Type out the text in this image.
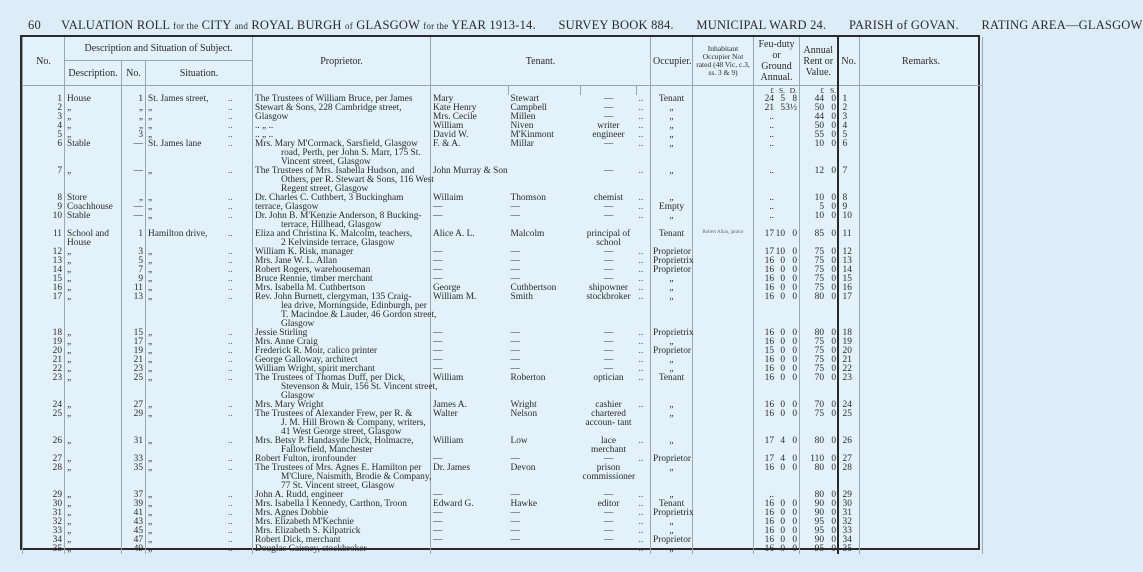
60 VALUATION ROLL for the CITY and ROYAL BURGH of GLASGOW for the YEAR 1913-14. SURVEY BOOK 884. MUNICIPAL WARD 24. PARISH of GOVAN. RATING AREA—GLASGOW
No.	Description and Situation of Subject.			Proprietor.	Tenant.				Occupier.	Inhabitant Occupier Not rated (48 Vic, c.3, ss. 3 & 9)	Feu-duty or Ground Annual.	Annual Rent or Value.	No.	Remarks.
	Description.	No.	Situation.											
											£ S. D.	£ S.		
1	House	1	St. James street, ..	The Trustees of William Bruce, per James	Mary	Stewart	—	..	Tenant		24 5 8	44 0	1	
2	„	„	„ ..	Stewart & Sons, 228 Cambridge street,	Kate Henry	Campbell	—	..	„		21 53½	50 0	2	
3	„	„	„ ..	Glasgow	Mrs. Cecile	Millen	—	..	„		..	44 0	3	
4	„	„	„ ..	.. „ ..	William	Niven	writer	..	„		..	50 0	4	
5	„	3	„ ..	.. „ ..	David W.	M'Kinmont	engineer	..	„		..	55 0	5	
6	Stable	—	St. James lane ..	Mrs. Mary M'Cormack, Sarsfield, Glasgow
road, Perth, per John S. Marr, 175 St.
Vincent street, Glasgow	F. & A.	Millar	—	..	„		..	10 0	6	
7	„	—	„ ..	The Trustees of Mrs. Isabella Hudson, and
Others, per R. Stewart & Sons, 116 West
Regent street, Glasgow	John Murray & Son		—	..	„		..	12 0	7	
8	Store	„	„ ..	Dr. Charles C. Cuthbert, 3 Buckingham	Willaim	Thomson	chemist	..	„		..	10 0	8	
9	Coachhouse	—	„ ..	terrace, Glasgow	—	—	—	..	Empty		..	5 0	9	
10	Stable	—	„ ..	Dr. John B. M'Kenzie Anderson, 8 Bucking-
terrace, Hillhead, Glasgow	—	—	—	..	„		..	10 0	10	
11	School and House	1	Hamilton drive, ..	Eliza and Christina K. Malcolm, teachers,
2 Kelvinside terrace, Glasgow	Alice A. L.	Malcolm	principal of school		Tenant	Robert Allan, janitor	17 10 0	85 0	11	
12	„	3	„ ..	William K. Risk, manager	—	—	—	..	Proprietor		17 10 0	75 0	12	
13	„	5	„ ..	Mrs. Jane W. L. Allan	—	—	—	..	Proprietrix		16 0 0	75 0	13	
14	„	7	„ ..	Robert Rogers, warehouseman	—	—	—	..	Proprietor		16 0 0	75 0	14	
15	„	9	„ ..	Bruce Rennie, timber merchant	—	—	—	..	„		16 0 0	75 0	15	
16	„	11	„ ..	Mrs. Isabella M. Cuthbertson	George	Cuthbertson	shipowner	..	„		16 0 0	75 0	16	
17	„	13	„ ..	Rev. John Burnett, clergyman, 135 Craig-
lea drive, Morningside, Edinburgh, per
T. Macindoe & Lauder, 46 Gordon street,
Glasgow	William M.	Smith	stockbroker	..	„		16 0 0	80 0	17	
18	„	15	„ ..	Jessie Stirling	—	—	—	..	Proprietrix		16 0 0	80 0	18	
19	„	17	„ ..	Mrs. Anne Craig	—	—	—	..	„		16 0 0	75 0	19	
20	„	19	„ ..	Frederick R. Moir, calico printer	—	—	—	..	Proprietor		15 0 0	75 0	20	
21	„	21	„ ..	George Galloway, architect	—	—	—	..	„		16 0 0	75 0	21	
22	„	23	„ ..	William Wright, spirit merchant	—	—	—	..	„		16 0 0	75 0	22	
23	„	25	„ ..	The Trustees of Thomas Duff, per Dick,
Stevenson & Muir, 156 St. Vincent street,
Glasgow	William	Roberton	optician	..	Tenant		16 0 0	70 0	23	
24	„	27	„ ..	Mrs. Mary Wright	James A.	Wright	cashier	..	„		16 0 0	70 0	24	
25	„	29	„ ..	The Trustees of Alexander Frew, per R. &
J. M. Hill Brown & Company, writers,
41 West George street, Glasgow	Walter	Nelson	chartered accoun- tant		„		16 0 0	75 0	25	
26	„	31	„ ..	Mrs. Betsy P. Handasyde Dick, Holmacre,
Fallowfield, Manchester	William	Low	lace merchant	..	„		17 4 0	80 0	26	
27	„	33	„ ..	Robert Fulton, ironfounder	—	—	—	..	Proprietor		17 4 0	110 0	27	
28	„	35	„ ..	The Trustees of Mrs. Agnes E. Hamilton per
M'Clure, Naismith, Brodie & Company,
77 St. Vincent street, Glasgow	Dr. James	Devon	prison commissioner		„		16 0 0	80 0	28	
29	„	37	„ ..	John A. Rudd, engineer	—	—	—	..	„		..	80 0	29	
30	„	39	„ ..	Mrs. Isabella I Kennedy, Carthon, Troon	Edward G.	Hawke	editor	..	Tenant		16 0 0	90 0	30	
31	„	41	„ ..	Mrs. Agnes Dobbie	—	—	—	..	Proprietrix		16 0 0	90 0	31	
32	„	43	„ ..	Mrs. Elizabeth M'Kechnie	—	—	—	..	„		16 0 0	95 0	32	
33	„	45	„ ..	Mrs. Elizabeth S. Kilpatrick	—	—	—	..	„		16 0 0	95 0	33	
34	„	47	„ ..	Robert Dick, merchant	—	—	—	..	Proprietor		16 0 0	90 0	34	
35	„	49	„ ..	Douglas Cairney, stockbroker	—	—	—	..	„		16 0 0	95 0	35	
